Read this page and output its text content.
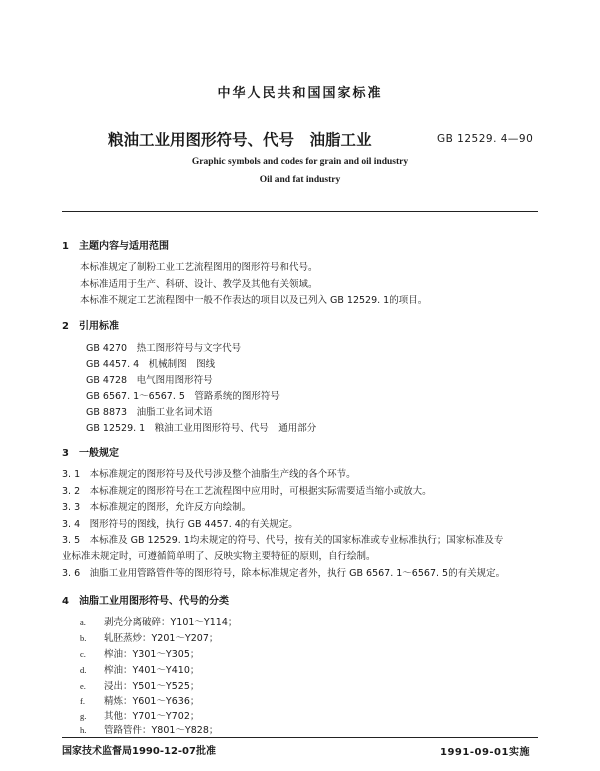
中华人民共和国国家标准
粮油工业用图形符号、代号　油脂工业	GB 12529. 4—90
Graphic symbols and codes for grain and oil industry
Oil and fat industry
1　主题内容与适用范围
本标准规定了制粉工业工艺流程图用的图形符号和代号。
本标准适用于生产、科研、设计、教学及其他有关领域。
本标准不规定工艺流程图中一般不作表达的项目以及已列入 GB 12529. 1的项目。
2　引用标准
GB 4270　热工图形符号与文字代号
GB 4457. 4　机械制图　图线
GB 4728　电气图用图形符号
GB 6567. 1～6567. 5　管路系统的图形符号
GB 8873　油脂工业名词术语
GB 12529. 1　粮油工业用图形符号、代号　通用部分
3　一般规定
3. 1　本标准规定的图形符号及代号涉及整个油脂生产线的各个环节。
3. 2　本标准规定的图形符号在工艺流程图中应用时，可根据实际需要适当缩小或放大。
3. 3　本标准规定的图形，允许反方向绘制。
3. 4　图形符号的图线，执行 GB 4457. 4的有关规定。
3. 5　本标准及 GB 12529. 1均未规定的符号、代号，按有关的国家标准或专业标准执行；国家标准及专
业标准未规定时，可遵循简单明了、反映实物主要特征的原则，自行绘制。
3. 6　油脂工业用管路管件等的图形符号，除本标准规定者外，执行 GB 6567. 1～6567. 5的有关规定。
4　油脂工业用图形符号、代号的分类
a. 剥壳分离破碎：Y101～Y114；
b. 轧胚蒸炒：Y201～Y207；
c. 榨油：Y301～Y305；
d. 榨油：Y401～Y410；
e. 浸出：Y501～Y525；
f. 精炼：Y601～Y636；
g. 其他：Y701～Y702；
h. 管路管件：Y801～Y828；
国家技术监督局1990-12-07批准	1991-09-01实施
